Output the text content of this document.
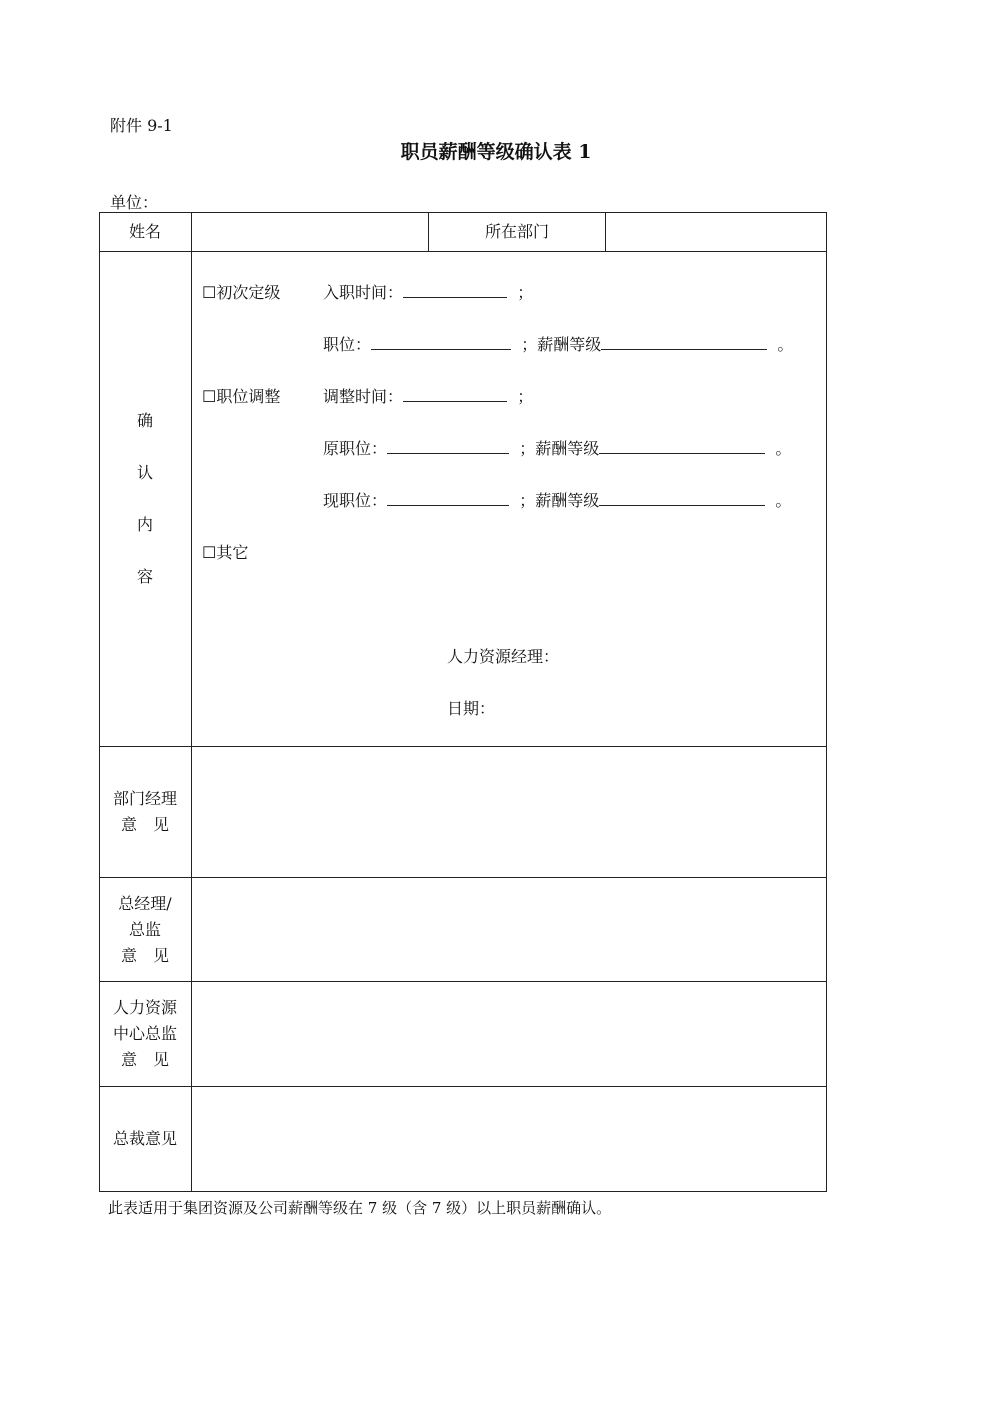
附件 9-1
职员薪酬等级确认表 1
单位：
姓名	所在部门
确
认
内
容
☐初次定级	入职时间：	；
职位：	；薪酬等级	。
☐职位调整	调整时间：	；
原职位：	；薪酬等级	。
现职位：	；薪酬等级	。
☐其它
人力资源经理：
日期：
部门经理
意　见
总经理/
总监
意　见
人力资源
中心总监
意　见
总裁意见
此表适用于集团资源及公司薪酬等级在 7 级（含 7 级）以上职员薪酬确认。
